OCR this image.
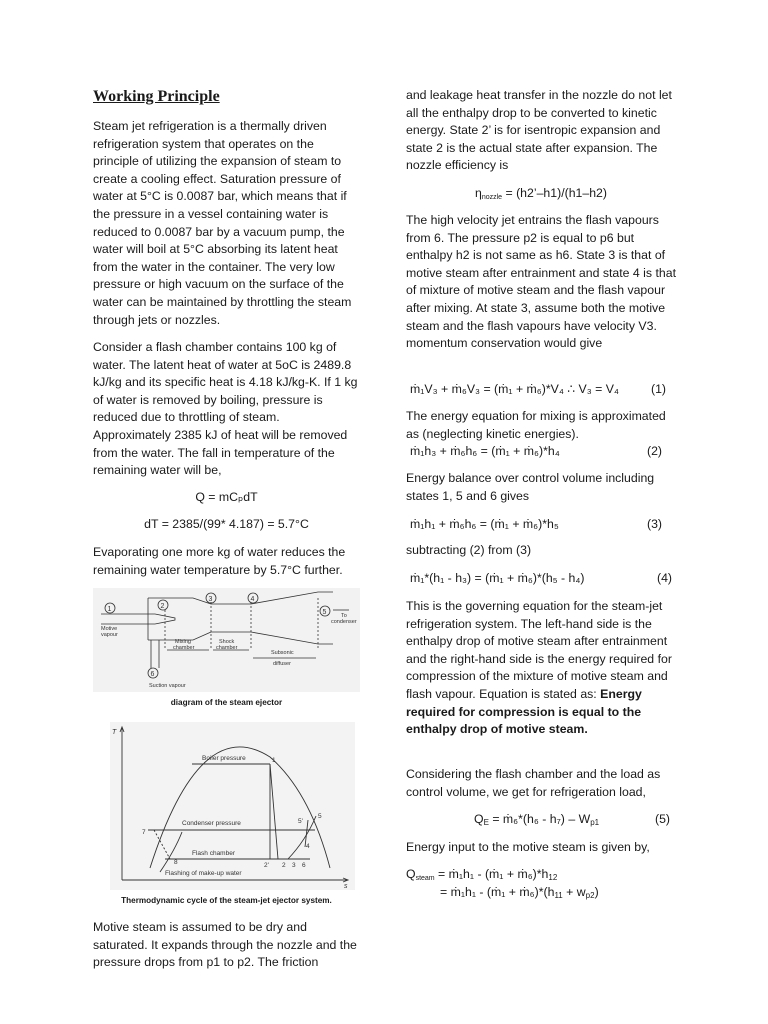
Working Principle

Steam jet refrigeration is a thermally driven refrigeration system that operates on the principle of utilizing the expansion of steam to create a cooling effect. Saturation pressure of water at 5°C is 0.0087 bar, which means that if the pressure in a vessel containing water is reduced to 0.0087 bar by a vacuum pump, the water will boil at 5°C absorbing its latent heat from the water in the container. The very low pressure or high vacuum on the surface of the water can be maintained by throttling the steam through jets or nozzles.

Consider a flash chamber contains 100 kg of water. The latent heat of water at 5oC is 2489.8 kJ/kg and its specific heat is 4.18 kJ/kg-K. If 1 kg of water is removed by boiling, pressure is reduced due to throttling of steam. Approximately 2385 kJ of heat will be removed from the water. The fall in temperature of the remaining water will be,

Q = mCₚdT
dT = 2385/(99* 4.187) = 5.7°C

Evaporating one more kg of water reduces the remaining water temperature by 5.7°C further.

1	2
3	4
5
6
Motive
vapour
To
condenser
Mixing
chamber
Shock
chamber
Subsonic
diffuser
Suction vapour
diagram of the steam ejector
T
s
Boiler pressure
Condenser pressure
Flash chamber
Flashing of make-up water
1
7
8	2' 2 3 6
4
5'
5
Thermodynamic cycle of the steam-jet ejector system.

Motive steam is assumed to be dry and saturated. It expands through the nozzle and the pressure drops from p1 to p2. The friction

and leakage heat transfer in the nozzle do not let all the enthalpy drop to be converted to kinetic energy. State 2’ is for isentropic expansion and state 2 is the actual state after expansion. The nozzle efficiency is

$\eta_{nozzle}$ = (h2’–h1)/(h1–h2)

The high velocity jet entrains the flash vapours from 6. The pressure p2 is equal to p6 but enthalpy h2 is not same as h6. State 3 is that of motive steam after entrainment and state 4 is that of mixture of motive steam and the flash vapour after mixing. At state 3, assume both the motive steam and the flash vapours have velocity V3. momentum conservation would give

ṁ₁V₃ + ṁ₆V₃ = (ṁ₁ + ṁ₆)*V₄ ∴ V₃ = V₄	(1)

The energy equation for mixing is approximated as (neglecting kinetic energies).

ṁ₁h₃ + ṁ₆h₆ = (ṁ₁ + ṁ₆)*h₄	(2)

Energy balance over control volume including states 1, 5 and 6 gives

ṁ₁h₁ + ṁ₆h₆ = (ṁ₁ + ṁ₆)*h₅	(3)

subtracting (2) from (3)

ṁ₁*(h₁ - h₃) = (ṁ₁ + ṁ₆)*(h₅ - h₄)	(4)

This is the governing equation for the steam-jet refrigeration system. The left-hand side is the enthalpy drop of motive steam after entrainment and the right-hand side is the energy required for compression of the mixture of motive steam and flash vapour. Equation is stated as: Energy required for compression is equal to the enthalpy drop of motive steam.

Considering the flash chamber and the load as control volume, we get for refrigeration load,

$Q_E$ = ṁ₆*(h₆ - $h_7) - W_{p1}$	(5)

Energy input to the motive steam is given by,

$Q_{steam}$ = ṁ₁h₁ - (ṁ₁ + $ṁ_6)*h_{12}$
= ṁ₁h₁ - (ṁ₁ + $ṁ_6)*(h_{11} + w_{p2})$
